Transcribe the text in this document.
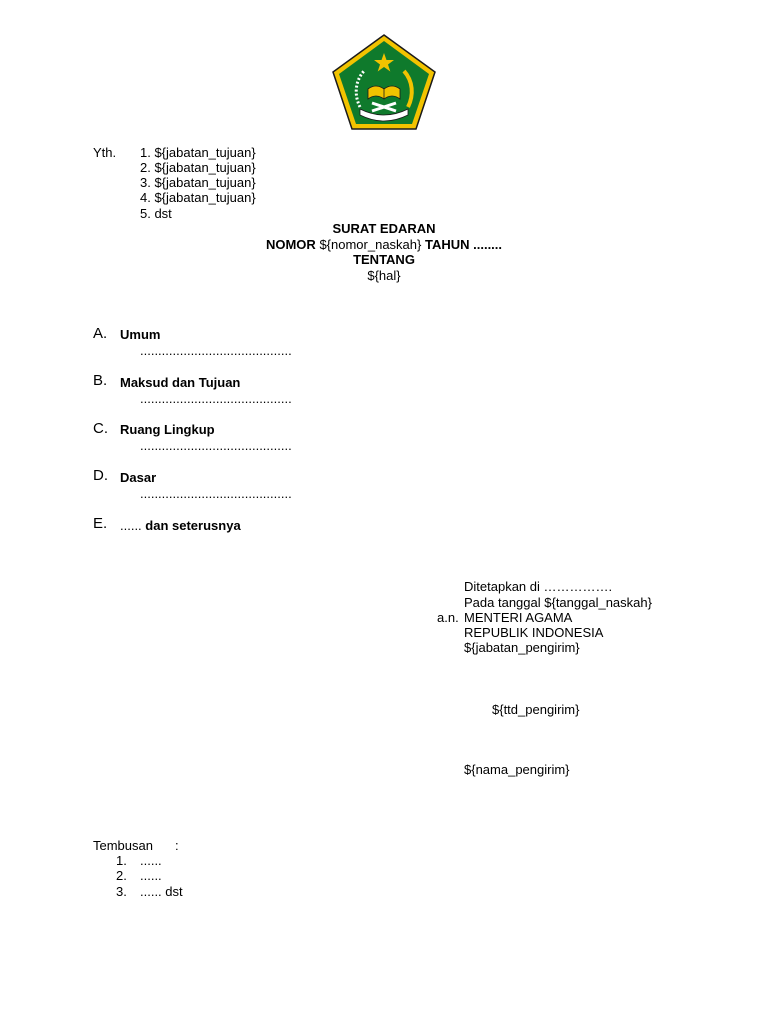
Yth. 1. ${jabatan_tujuan}
2. ${jabatan_tujuan}
3. ${jabatan_tujuan}
4. ${jabatan_tujuan}
5. dst
SURAT EDARAN
NOMOR ${nomor_naskah} TAHUN ........
TENTANG
${hal}
A. Umum
..........................................
B. Maksud dan Tujuan
..........................................
C. Ruang Lingkup
..........................................
D. Dasar
..........................................
E. ...... dan seterusnya
Ditetapkan di …………….
Pada tanggal ${tanggal_naskah}
a.n. MENTERI AGAMA
REPUBLIK INDONESIA
${jabatan_pengirim}
${ttd_pengirim}
${nama_pengirim}
Tembusan :
1. ......
2. ......
3. ...... dst
